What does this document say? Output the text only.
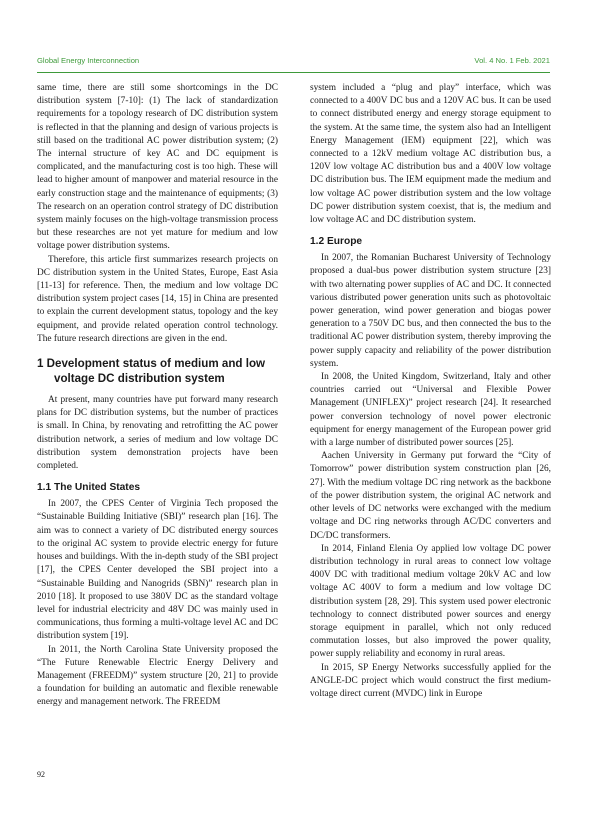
Global Energy Interconnection	Vol. 4 No. 1 Feb. 2021

same time, there are still some shortcomings in the DC distribution system [7-10]: (1) The lack of standardization requirements for a topology research of DC distribution system is reflected in that the planning and design of various projects is still based on the traditional AC power distribution system; (2) The internal structure of key AC and DC equipment is complicated, and the manufacturing cost is too high. These will lead to higher amount of manpower and material resource in the early construction stage and the maintenance of equipments; (3) The research on an operation control strategy of DC distribution system mainly focuses on the high-voltage transmission process but these researches are not yet mature for medium and low voltage power distribution systems.

Therefore, this article first summarizes research projects on DC distribution system in the United States, Europe, East Asia [11-13] for reference. Then, the medium and low voltage DC distribution system project cases [14, 15] in China are presented to explain the current development status, topology and the key equipment, and provide related operation control technology. The future research directions are given in the end.

1 Development status of medium and low voltage DC distribution system

At present, many countries have put forward many research plans for DC distribution systems, but the number of practices is small. In China, by renovating and retrofitting the AC power distribution network, a series of medium and low voltage DC distribution system demonstration projects have been completed.

1.1 The United States

In 2007, the CPES Center of Virginia Tech proposed the “Sustainable Building Initiative (SBI)” research plan [16]. The aim was to connect a variety of DC distributed energy sources to the original AC system to provide electric energy for future houses and buildings. With the in-depth study of the SBI project [17], the CPES Center developed the SBI project into a “Sustainable Building and Nanogrids (SBN)” research plan in 2010 [18]. It proposed to use 380V DC as the standard voltage level for industrial electricity and 48V DC was mainly used in communications, thus forming a multi-voltage level AC and DC distribution system [19].

In 2011, the North Carolina State University proposed the “The Future Renewable Electric Energy Delivery and Management (FREEDM)” system structure [20, 21] to provide a foundation for building an automatic and flexible renewable energy and management network. The FREEDM

system included a “plug and play” interface, which was connected to a 400V DC bus and a 120V AC bus. It can be used to connect distributed energy and energy storage equipment to the system. At the same time, the system also had an Intelligent Energy Management (IEM) equipment [22], which was connected to a 12kV medium voltage AC distribution bus, a 120V low voltage AC distribution bus and a 400V low voltage DC distribution bus. The IEM equipment made the medium and low voltage AC power distribution system and the low voltage DC power distribution system coexist, that is, the medium and low voltage AC and DC distribution system.

1.2 Europe

In 2007, the Romanian Bucharest University of Technology proposed a dual-bus power distribution system structure [23] with two alternating power supplies of AC and DC. It connected various distributed power generation units such as photovoltaic power generation, wind power generation and biogas power generation to a 750V DC bus, and then connected the bus to the traditional AC power distribution system, thereby improving the power supply capacity and reliability of the power distribution system.

In 2008, the United Kingdom, Switzerland, Italy and other countries carried out “Universal and Flexible Power Management (UNIFLEX)” project research [24]. It researched power conversion technology of novel power electronic equipment for energy management of the European power grid with a large number of distributed power sources [25].

Aachen University in Germany put forward the “City of Tomorrow” power distribution system construction plan [26, 27]. With the medium voltage DC ring network as the backbone of the power distribution system, the original AC network and other levels of DC networks were exchanged with the medium voltage and DC ring networks through AC/DC converters and DC/DC transformers.

In 2014, Finland Elenia Oy applied low voltage DC power distribution technology in rural areas to connect low voltage 400V DC with traditional medium voltage 20kV AC and low voltage AC 400V to form a medium and low voltage DC distribution system [28, 29]. This system used power electronic technology to connect distributed power sources and energy storage equipment in parallel, which not only reduced commutation losses, but also improved the power quality, power supply reliability and economy in rural areas.

In 2015, SP Energy Networks successfully applied for the ANGLE-DC project which would construct the first medium-voltage direct current (MVDC) link in Europe

92
